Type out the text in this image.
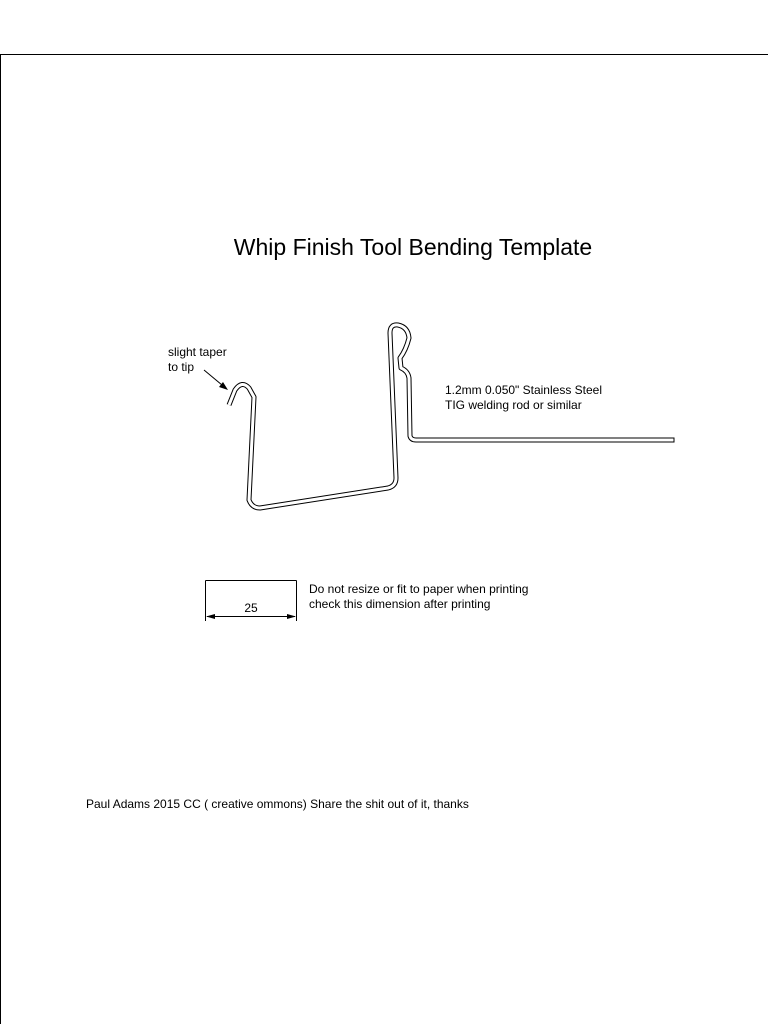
Whip Finish Tool Bending Template

slight taper

to tip

1.2mm 0.050" Stainless Steel

TIG welding rod or similar

25

Do not resize or fit to paper when printing

check this dimension after printing

Paul Adams 2015 CC ( creative ommons) Share the shit out of it, thanks
